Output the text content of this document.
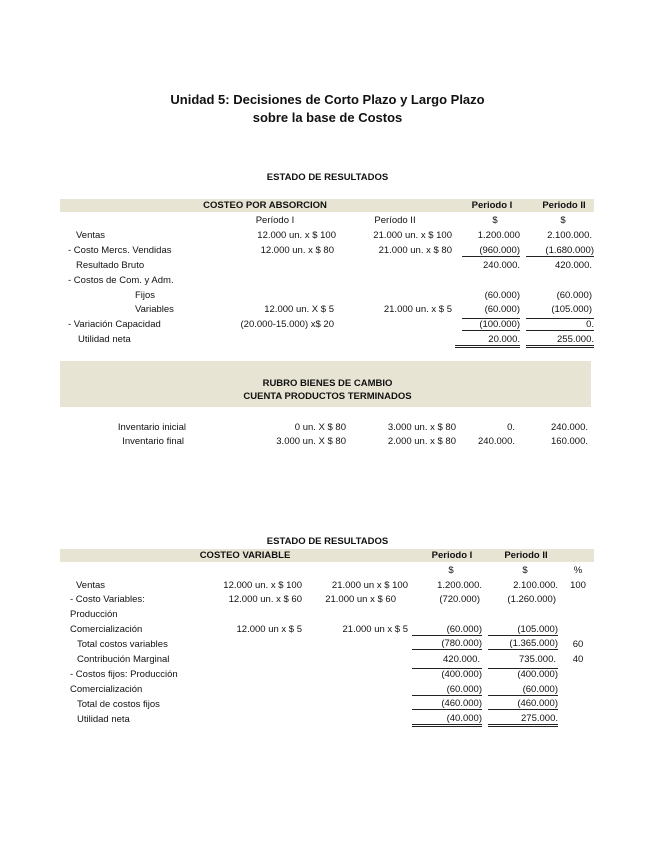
Unidad 5: Decisiones de Corto Plazo y Largo Plazo
sobre la base de Costos
ESTADO DE RESULTADOS
COSTEO POR ABSORCION	Periodo I	Periodo II
Período I	Período II	$	$
Ventas	12.000 un. x $ 100	21.000 un. x $ 100	1.200.000	2.100.000.
- Costo Mercs. Vendidas	12.000 un. x $ 80	21.000 un. x $ 80	(960.000)	(1.680.000)
Resultado Bruto	240.000.	420.000.
- Costos de Com. y Adm.
Fijos	(60.000)	(60.000)
Variables	12.000 un. X $ 5	21.000 un. x $ 5	(60.000)	(105.000)
- Variación Capacidad	(20.000-15.000) x$ 20	(100.000)	0.
Utilidad neta	20.000.	255.000.
RUBRO BIENES DE CAMBIO
CUENTA PRODUCTOS TERMINADOS
Inventario inicial	0 un. X $ 80	3.000 un. x $ 80	0.	240.000.
Inventario final	3.000 un. X $ 80	2.000 un. x $ 80	240.000.	160.000.
ESTADO DE RESULTADOS
COSTEO VARIABLE	Periodo I	Periodo II
$	$	%
Ventas	12.000 un. x $ 100	21.000 un x $ 100	1.200.000.	2.100.000.	100
- Costo Variables:	12.000 un. x $ 60	21.000 un x $ 60	(720.000)	(1.260.000)
Producción
Comercialización	12.000 un x $ 5	21.000 un x $ 5	(60.000)	(105.000)
Total costos variables	(780.000)	(1.365.000)	60
Contribución Marginal	420.000.	735.000.	40
- Costos fijos: Producción	(400.000)	(400.000)
Comercialización	(60.000)	(60.000)
Total de costos fijos	(460.000)	(460.000)
Utilidad neta	(40.000)	275.000.
